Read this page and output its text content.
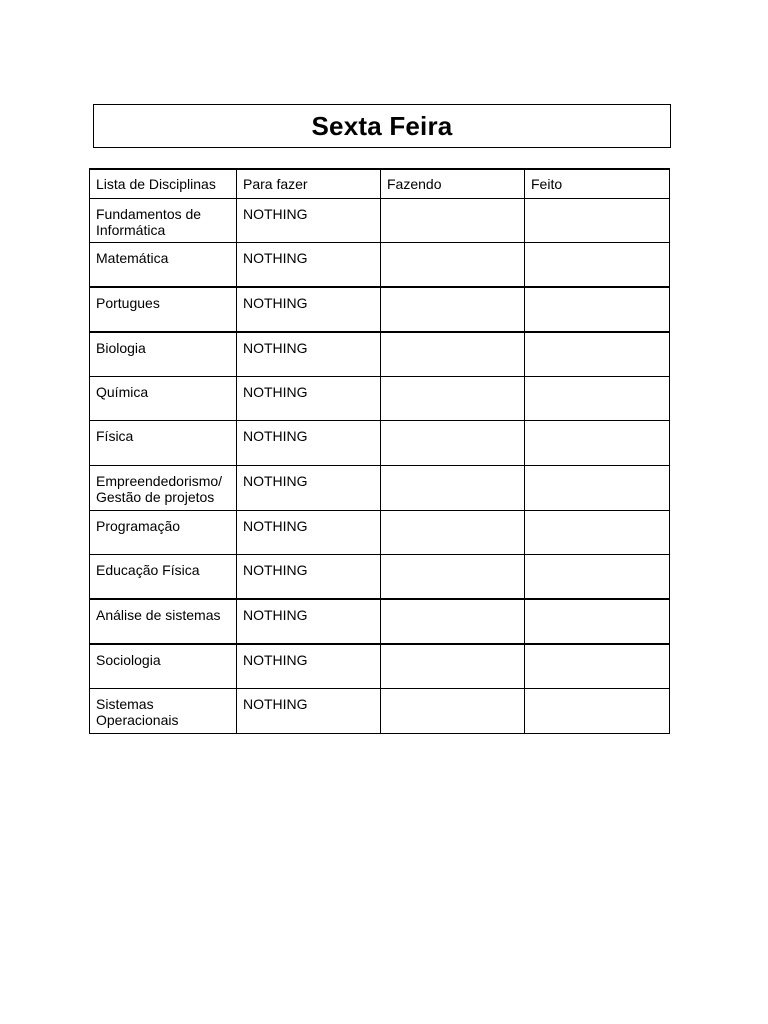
Sexta Feira
Lista de Disciplinas	Para fazer	Fazendo	Feito
Fundamentos de Informática	NOTHING		
Matemática	NOTHING		
Portugues	NOTHING		
Biologia	NOTHING		
Química	NOTHING		
Física	NOTHING		
Empreendedorismo/ Gestão de projetos	NOTHING		
Programação	NOTHING		
Educação Física	NOTHING		
Análise de sistemas	NOTHING		
Sociologia	NOTHING		
Sistemas Operacionais	NOTHING		
